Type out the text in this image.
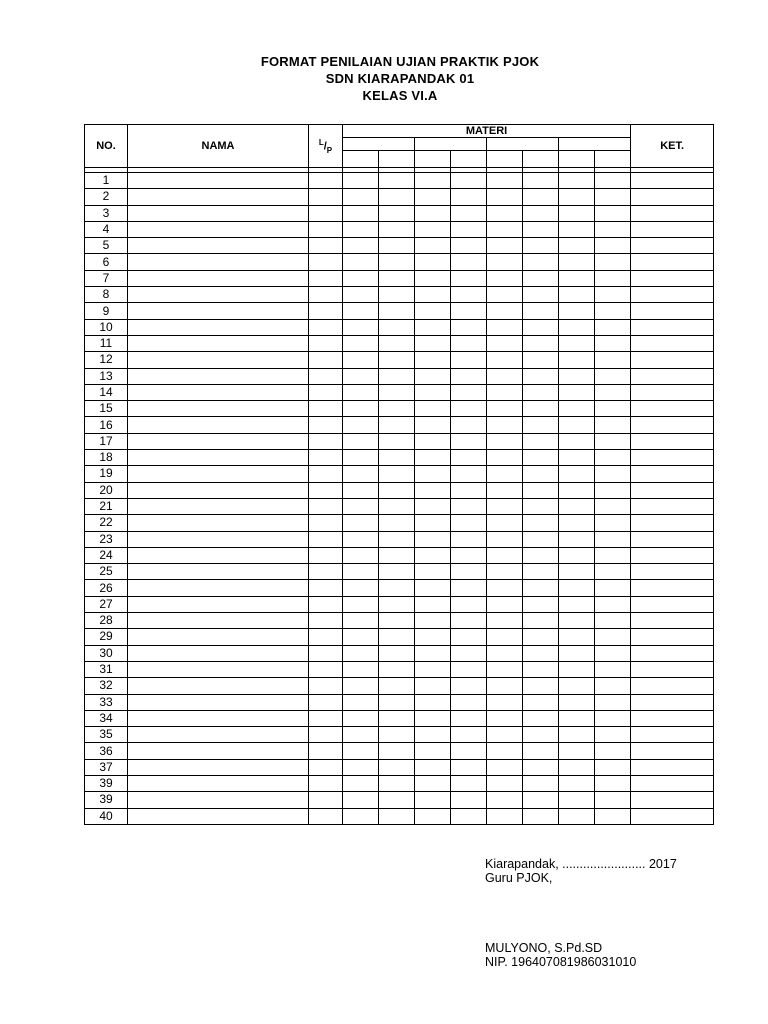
FORMAT PENILAIAN UJIAN PRAKTIK PJOK
SDN KIARAPANDAK 01
KELAS VI.A
NO.	NAMA	$^L/_P$	MATERI								KET.

1											
2											
3											
4											
5											
6											
7											
8											
9											
10											
11											
12											
13											
14											
15											
16											
17											
18											
19											
20											
21											
22											
23											
24											
25											
26											
27											
28											
29											
30											
31											
32											
33											
34											
35											
36											
37											
39											
39											
40											
Kiarapandak, ........................ 2017
Guru PJOK,
MULYONO, S.Pd.SD
NIP. 196407081986031010
